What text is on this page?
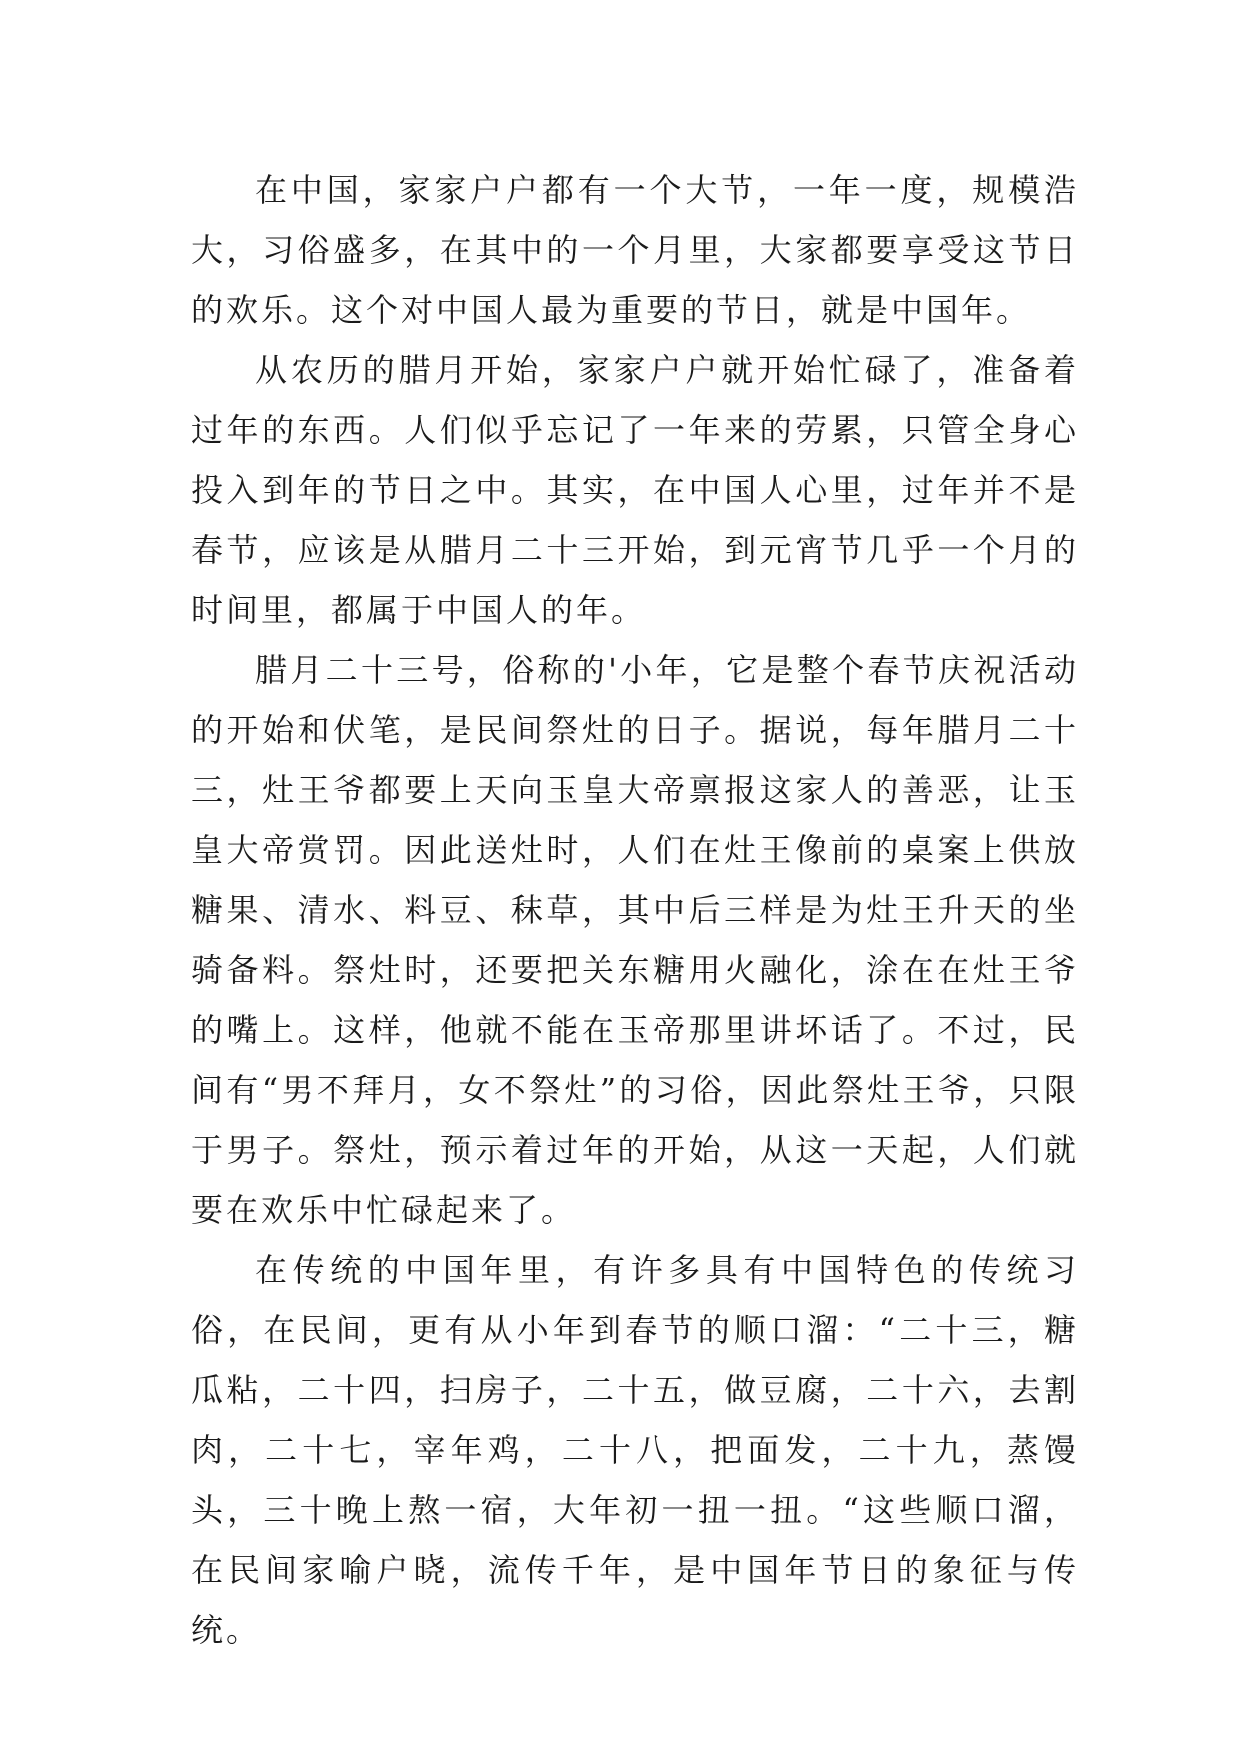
在中国，家家户户都有一个大节，一年一度，规模浩大，习俗盛多，在其中的一个月里，大家都要享受这节日的欢乐。这个对中国人最为重要的节日，就是中国年。

从农历的腊月开始，家家户户就开始忙碌了，准备着过年的东西。人们似乎忘记了一年来的劳累，只管全身心投入到年的节日之中。其实，在中国人心里，过年并不是春节，应该是从腊月二十三开始，到元宵节几乎一个月的时间里，都属于中国人的年。

腊月二十三号，俗称的'小年，它是整个春节庆祝活动的开始和伏笔，是民间祭灶的日子。据说，每年腊月二十三，灶王爷都要上天向玉皇大帝禀报这家人的善恶，让玉皇大帝赏罚。因此送灶时，人们在灶王像前的桌案上供放糖果、清水、料豆、秣草，其中后三样是为灶王升天的坐骑备料。祭灶时，还要把关东糖用火融化，涂在在灶王爷的嘴上。这样，他就不能在玉帝那里讲坏话了。不过，民间有“男不拜月，女不祭灶”的习俗，因此祭灶王爷，只限于男子。祭灶，预示着过年的开始，从这一天起，人们就要在欢乐中忙碌起来了。

在传统的中国年里，有许多具有中国特色的传统习俗，在民间，更有从小年到春节的顺口溜：“二十三，糖瓜粘，二十四，扫房子，二十五，做豆腐，二十六，去割肉，二十七，宰年鸡，二十八，把面发，二十九，蒸馒头，三十晚上熬一宿，大年初一扭一扭。“这些顺口溜，在民间家喻户晓，流传千年，是中国年节日的象征与传统。
